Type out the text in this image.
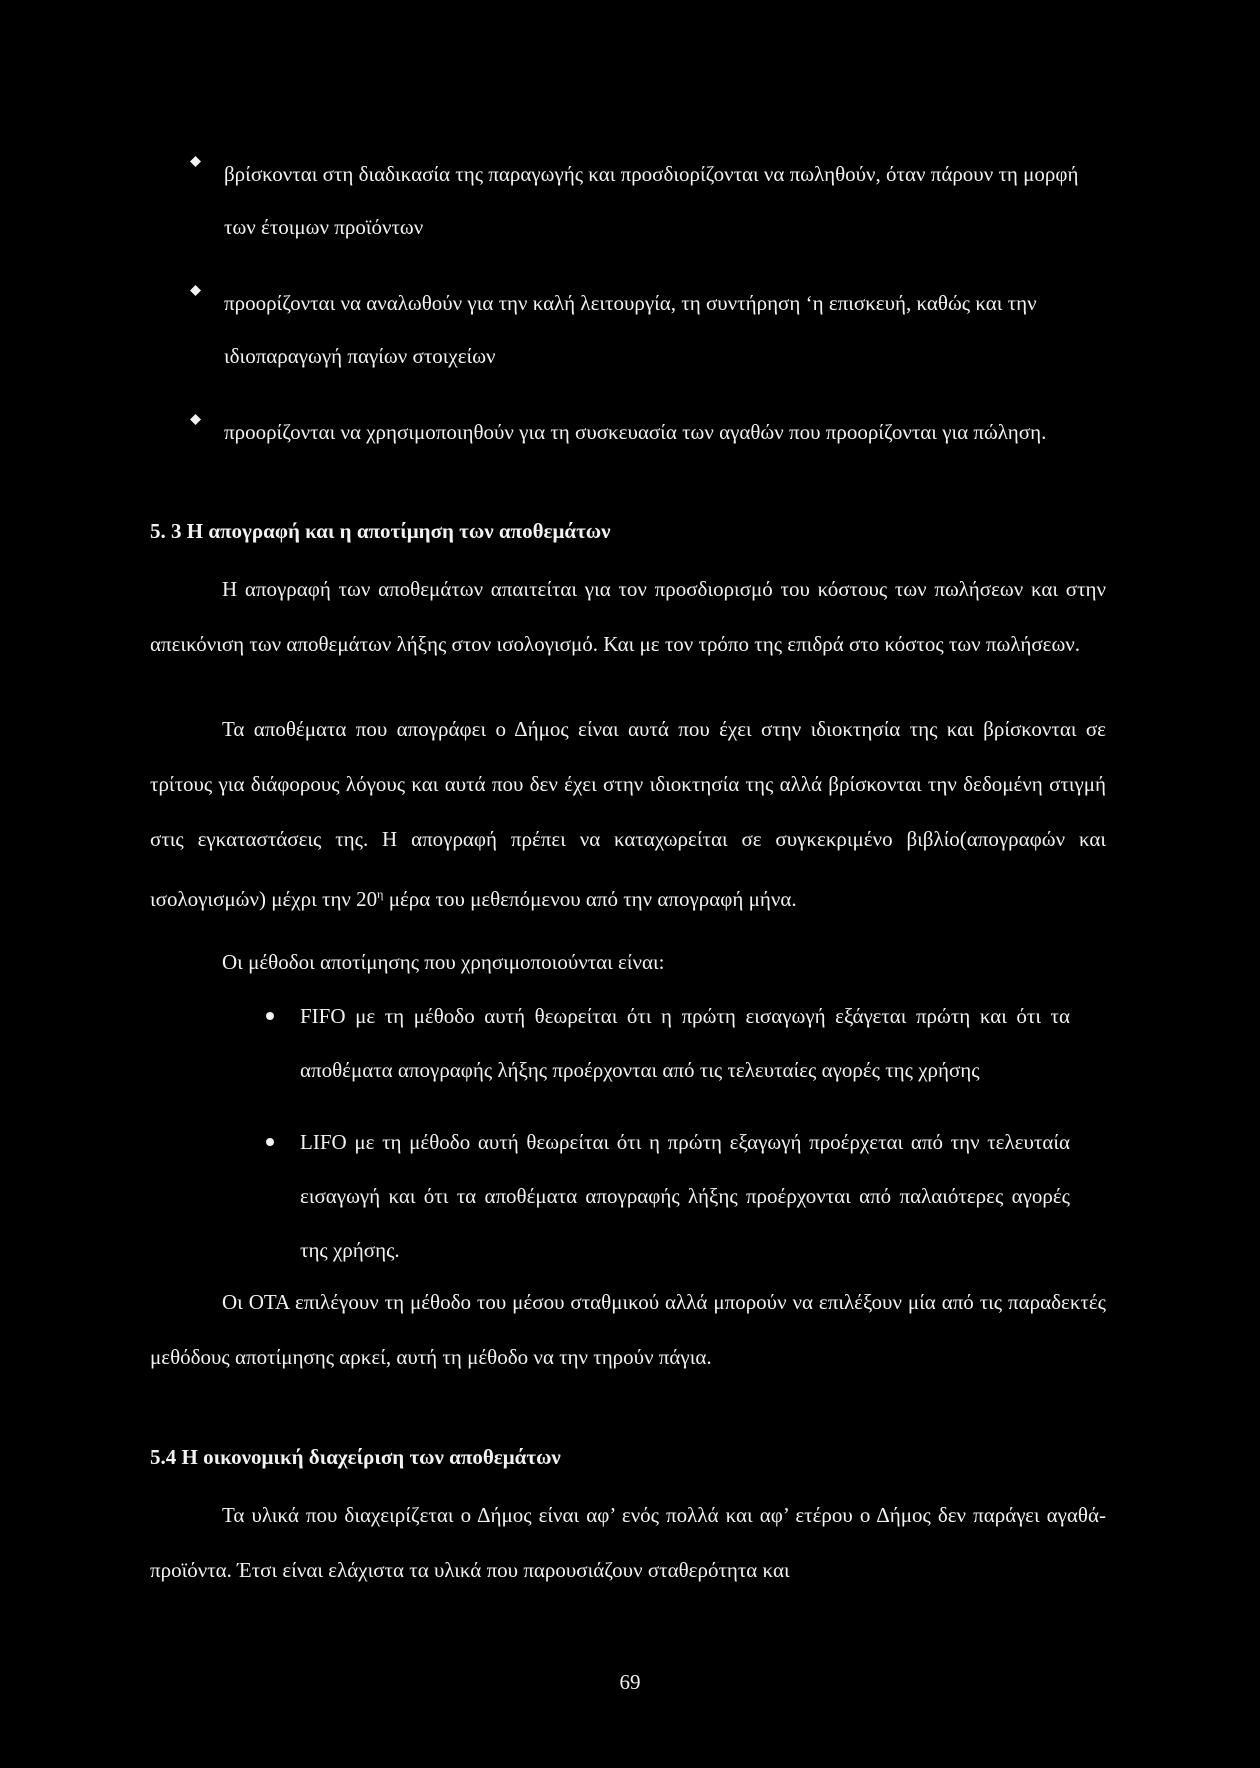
βρίσκονται στη διαδικασία της παραγωγής και προσδιορίζονται να πωληθούν, όταν πάρουν τη μορφή των έτοιμων προϊόντων

προορίζονται να αναλωθούν για την καλή λειτουργία, τη συντήρηση ‘η επισκευή, καθώς και την ιδιοπαραγωγή παγίων στοιχείων

προορίζονται να χρησιμοποιηθούν για τη συσκευασία των αγαθών που προορίζονται για πώληση.

5. 3 Η απογραφή και η αποτίμηση των αποθεμάτων

Η απογραφή των αποθεμάτων απαιτείται για τον προσδιορισμό του κόστους των πωλήσεων και στην απεικόνιση των αποθεμάτων λήξης στον ισολογισμό. Και με τον τρόπο της επιδρά στο κόστος των πωλήσεων.

Τα αποθέματα που απογράφει ο Δήμος είναι αυτά που έχει στην ιδιοκτησία της και βρίσκονται σε τρίτους για διάφορους λόγους και αυτά που δεν έχει στην ιδιοκτησία της αλλά βρίσκονται την δεδομένη στιγμή στις εγκαταστάσεις της. Η απογραφή πρέπει να καταχωρείται σε συγκεκριμένο βιβλίο(απογραφών και ισολογισμών) μέχρι την $20^\eta$ μέρα του μεθεπόμενου από την απογραφή μήνα.

Οι μέθοδοι αποτίμησης που χρησιμοποιούνται είναι:

FIFO με τη μέθοδο αυτή θεωρείται ότι η πρώτη εισαγωγή εξάγεται πρώτη και ότι τα αποθέματα απογραφής λήξης προέρχονται από τις τελευταίες αγορές της χρήσης

LIFO με τη μέθοδο αυτή θεωρείται ότι η πρώτη εξαγωγή προέρχεται από την τελευταία εισαγωγή και ότι τα αποθέματα απογραφής λήξης προέρχονται από παλαιότερες αγορές της χρήσης.

Οι ΟΤΑ επιλέγουν τη μέθοδο του μέσου σταθμικού αλλά μπορούν να επιλέξουν μία από τις παραδεκτές μεθόδους αποτίμησης αρκεί, αυτή τη μέθοδο να την τηρούν πάγια.

5.4 Η οικονομική διαχείριση των αποθεμάτων

Τα υλικά που διαχειρίζεται ο Δήμος είναι αφ’ ενός πολλά και αφ’ ετέρου ο Δήμος δεν παράγει αγαθά- προϊόντα. Έτσι είναι ελάχιστα τα υλικά που παρουσιάζουν σταθερότητα και

69
